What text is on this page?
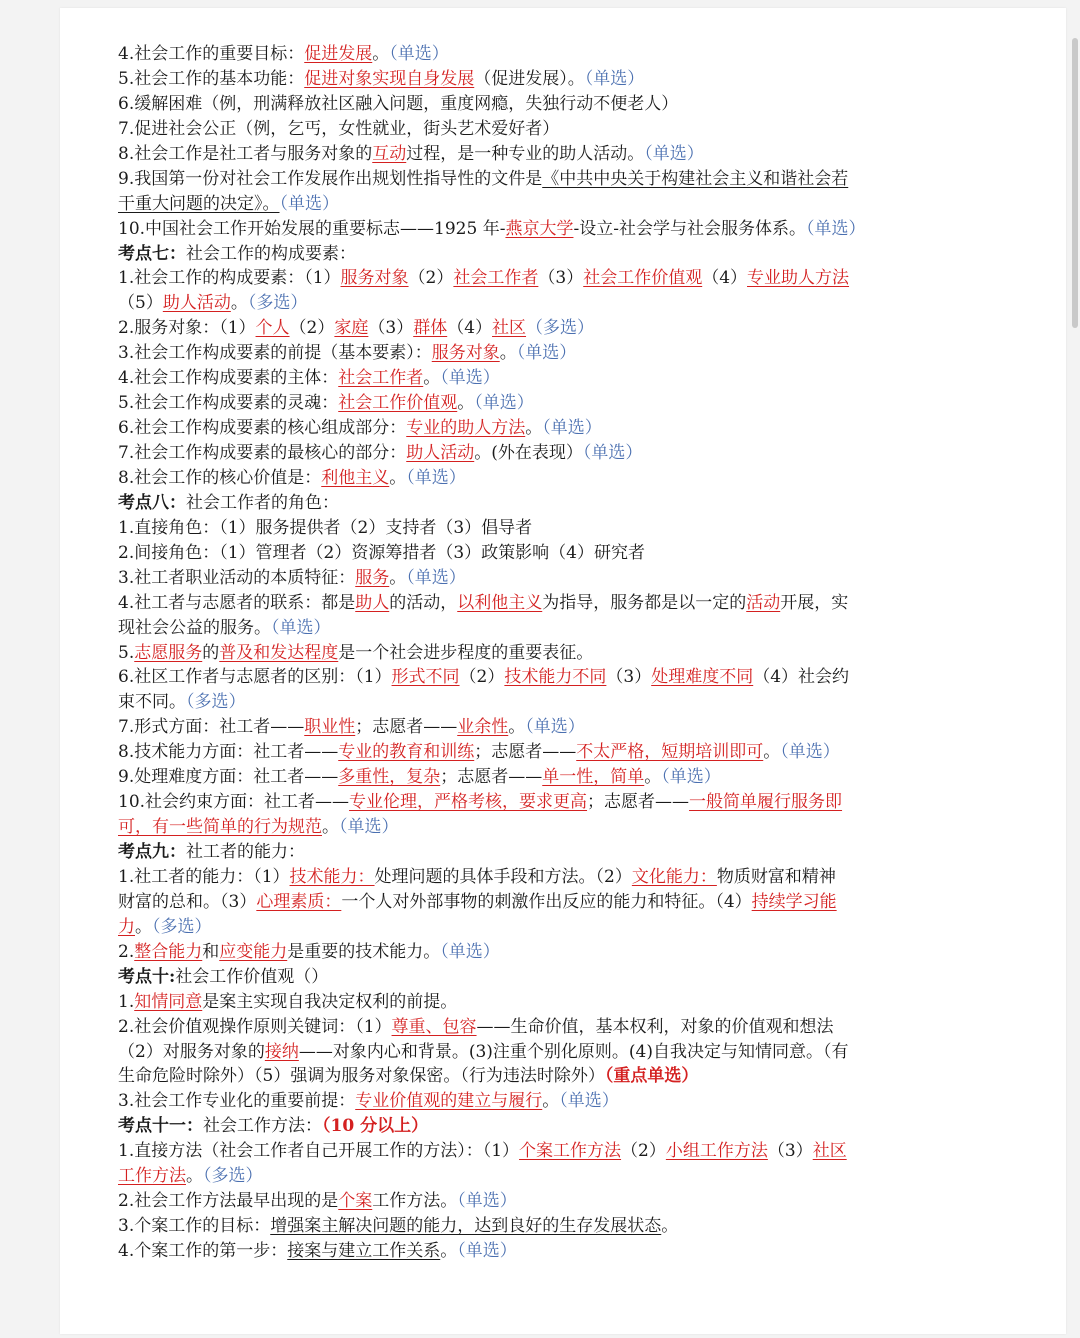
4.社会工作的重要目标：促进发展。（单选）
5.社会工作的基本功能：促进对象实现自身发展（促进发展）。（单选）
6.缓解困难（例，刑满释放社区融入问题，重度网瘾，失独行动不便老人）
7.促进社会公正（例，乞丐，女性就业，街头艺术爱好者）
8.社会工作是社工者与服务对象的互动过程，是一种专业的助人活动。（单选）
9.我国第一份对社会工作发展作出规划性指导性的文件是《中共中央关于构建社会主义和谐社会若
干重大问题的决定》。（单选）
10.中国社会工作开始发展的重要标志——1925 年-燕京大学-设立-社会学与社会服务体系。（单选）
考点七：社会工作的构成要素：
1.社会工作的构成要素：（1）服务对象（2）社会工作者（3）社会工作价值观（4）专业助人方法
（5）助人活动。（多选）
2.服务对象：（1）个人（2）家庭（3）群体（4）社区（多选）
3.社会工作构成要素的前提（基本要素）：服务对象。（单选）
4.社会工作构成要素的主体：社会工作者。（单选）
5.社会工作构成要素的灵魂：社会工作价值观。（单选）
6.社会工作构成要素的核心组成部分：专业的助人方法。（单选）
7.社会工作构成要素的最核心的部分：助人活动。(外在表现）（单选）
8.社会工作的核心价值是：利他主义。（单选）
考点八：社会工作者的角色：
1.直接角色：（1）服务提供者（2）支持者（3）倡导者
2.间接角色：（1）管理者（2）资源筹措者（3）政策影响（4）研究者
3.社工者职业活动的本质特征：服务。（单选）
4.社工者与志愿者的联系：都是助人的活动，以利他主义为指导，服务都是以一定的活动开展，实
现社会公益的服务。（单选）
5.志愿服务的普及和发达程度是一个社会进步程度的重要表征。
6.社区工作者与志愿者的区别：（1）形式不同（2）技术能力不同（3）处理难度不同（4）社会约
束不同。（多选）
7.形式方面：社工者——职业性；志愿者——业余性。（单选）
8.技术能力方面：社工者——专业的教育和训练；志愿者——不太严格，短期培训即可。（单选）
9.处理难度方面：社工者——多重性，复杂；志愿者——单一性，简单。（单选）
10.社会约束方面：社工者——专业伦理，严格考核，要求更高；志愿者——一般简单履行服务即
可，有一些简单的行为规范。（单选）
考点九：社工者的能力：
1.社工者的能力：（1）技术能力：处理问题的具体手段和方法。（2）文化能力：物质财富和精神
财富的总和。（3）心理素质：一个人对外部事物的刺激作出反应的能力和特征。（4）持续学习能
力。（多选）
2.整合能力和应变能力是重要的技术能力。（单选）
考点十:社会工作价值观（）
1.知情同意是案主实现自我决定权利的前提。
2.社会价值观操作原则关键词：（1）尊重、包容——生命价值，基本权利，对象的价值观和想法
（2）对服务对象的接纳——对象内心和背景。(3)注重个别化原则。(4)自我决定与知情同意。（有
生命危险时除外）（5）强调为服务对象保密。（行为违法时除外）（重点单选）
3.社会工作专业化的重要前提：专业价值观的建立与履行。（单选）
考点十一：社会工作方法：（10 分以上）
1.直接方法（社会工作者自己开展工作的方法）：（1）个案工作方法（2）小组工作方法（3）社区
工作方法。（多选）
2.社会工作方法最早出现的是个案工作方法。（单选）
3.个案工作的目标：增强案主解决问题的能力，达到良好的生存发展状态。
4.个案工作的第一步：接案与建立工作关系。（单选）
